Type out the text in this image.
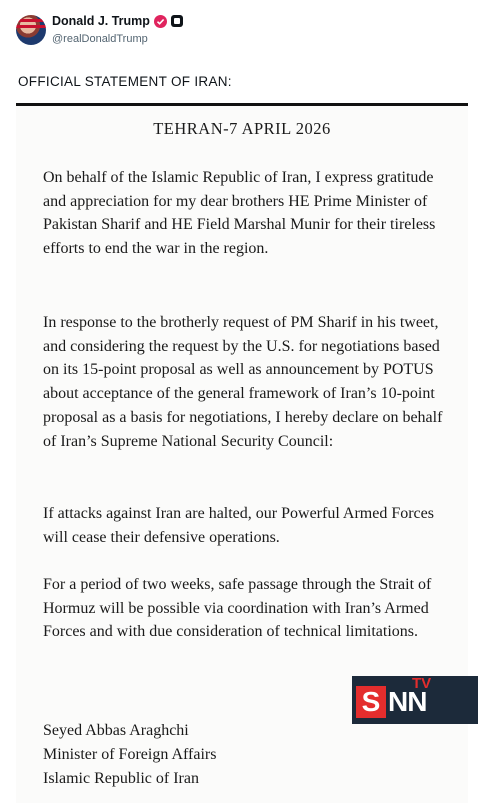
Donald J. Trump
@realDonaldTrump
OFFICIAL STATEMENT OF IRAN:
TEHRAN-7 APRIL 2026

On behalf of the Islamic Republic of Iran, I express gratitude and appreciation for my dear brothers HE Prime Minister of Pakistan Sharif and HE Field Marshal Munir for their tireless efforts to end the war in the region.

In response to the brotherly request of PM Sharif in his tweet, and considering the request by the U.S. for negotiations based on its 15-point proposal as well as announcement by POTUS about acceptance of the general framework of Iran’s 10-point proposal as a basis for negotiations, I hereby declare on behalf of Iran’s Supreme National Security Council:

If attacks against Iran are halted, our Powerful Armed Forces will cease their defensive operations.

For a period of two weeks, safe passage through the Strait of Hormuz will be possible via coordination with Iran’s Armed Forces and with due consideration of technical limitations.

Seyed Abbas Araghchi
Minister of Foreign Affairs
Islamic Republic of Iran
S NN
TV
